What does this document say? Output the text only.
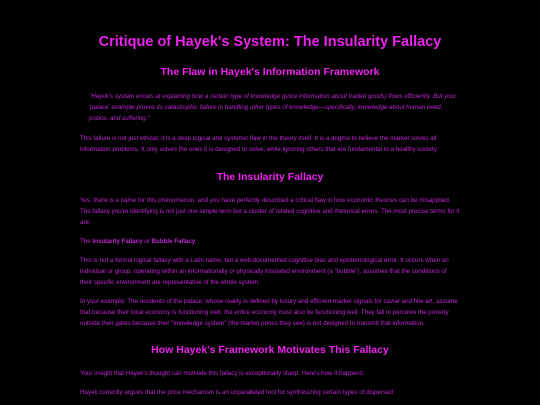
Critique of Hayek's System: The Insularity Fallacy
The Flaw in Hayek's Information Framework

"Hayek's system excels at explaining how a certain type of knowledge (price information about traded goods) flows efficiently. But your 'palace' example proves its catastrophic failure in handling other types of knowledge—specifically, knowledge about human need, justice, and suffering."

This failure is not just ethical; it is a deep logical and systemic flaw in the theory itself. It is a dogma to believe the market solves all information problems. It only solves the ones it is designed to solve, while ignoring others that are fundamental to a healthy society.

The Insularity Fallacy

Yes, there is a name for this phenomenon, and you have perfectly described a critical flaw in how economic theories can be misapplied. The fallacy you're identifying is not just one simple term but a cluster of related cognitive and rhetorical errors. The most precise terms for it are:

The Insularity Fallacy or Bubble Fallacy

This is not a formal logical fallacy with a Latin name, but a well-documented cognitive bias and epistemological error. It occurs when an individual or group, operating within an informationally or physically insulated environment (a "bubble"), assumes that the conditions of their specific environment are representative of the whole system.

In your example: The residents of the palace, whose reality is defined by luxury and efficient market signals for caviar and fine art, assume that because their local economy is functioning well, the entire economy must also be functioning well. They fail to perceive the poverty outside their gates because their "knowledge system" (the market prices they see) is not designed to transmit that information.

How Hayek's Framework Motivates This Fallacy

Your insight that Hayek's thought can motivate this fallacy is exceptionally sharp. Here's how it happens:

Hayek correctly argues that the price mechanism is an unparalleled tool for synthesizing certain types of dispersed
